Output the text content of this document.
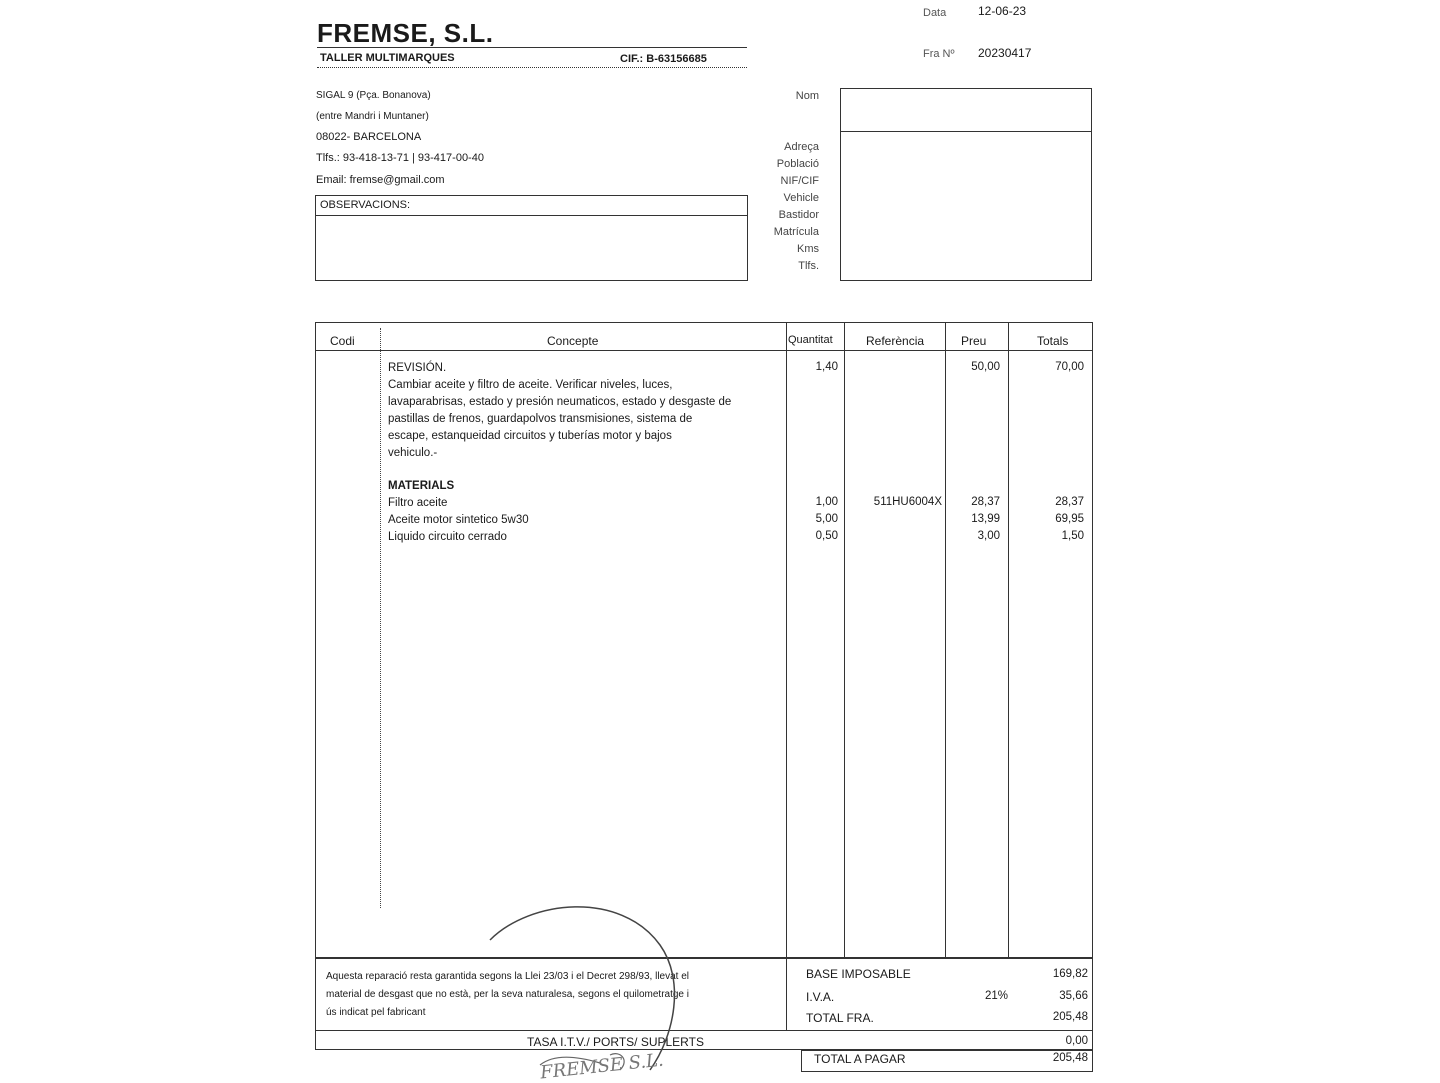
FREMSE, S.L.
TALLER MULTIMARQUES	CIF.: B-63156685
Data	12-06-23
Fra Nº 20230417
SIGAL 9 (Pça. Bonanova)
(entre Mandri i Muntaner)
08022- BARCELONA
Tlfs.: 93-418-13-71 | 93-417-00-40
Email: fremse@gmail.com
OBSERVACIONS:
Nom
Adreça
Població
NIF/CIF
Vehicle
Bastidor
Matrícula
Kms
Tlfs.
Codi	Concepte	Quantitat	Referència	Preu	Totals
REVISIÓN.
Cambiar aceite y filtro de aceite. Verificar niveles, luces,
lavaparabrisas, estado y presión neumaticos, estado y desgaste de
pastillas de frenos, guardapolvos transmisiones, sistema de
escape, estanqueidad circuitos y tuberías motor y bajos
vehiculo.-
1,40	50,00	70,00
MATERIALS
Filtro aceite	1,00	511HU6004X	28,37	28,37
Aceite motor sintetico 5w30	5,00	13,99	69,95
Liquido circuito cerrado	0,50	3,00	1,50
Aquesta reparació resta garantida segons la Llei 23/03 i el Decret 298/93, llevat el
material de desgast que no està, per la seva naturalesa, segons el quilometratge i
ús indicat pel fabricant
BASE IMPOSABLE	169,82
I.V.A.	21%	35,66
TOTAL FRA.	205,48
TASA I.T.V./ PORTS/ SUPLERTS	0,00
TOTAL A PAGAR	205,48
FREMSE S.L.
